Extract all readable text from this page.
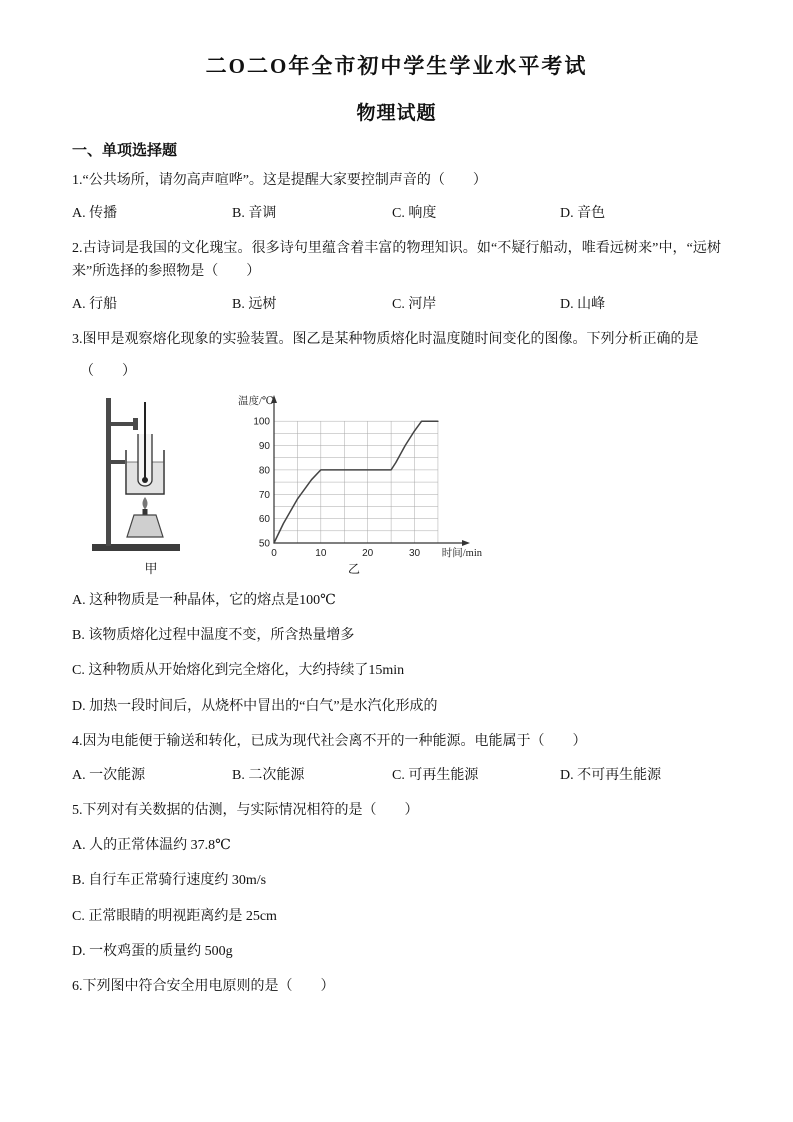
二O二O年全市初中学生学业水平考试
物理试题
一、单项选择题

1.“公共场所，请勿高声喧哗”。这是提醒大家要控制声音的（　　）

A. 传播	B. 音调	C. 响度	D. 音色

2.古诗词是我国的文化瑰宝。很多诗句里蕴含着丰富的物理知识。如“不疑行船动，唯看远树来”中，“远树来”所选择的参照物是（　　）

A. 行船	B. 远树	C. 河岸	D. 山峰

3.图甲是观察熔化现象的实验装置。图乙是某种物质熔化时温度随时间变化的图像。下列分析正确的是

（　　）

甲
50
60
70
80
90
100
0	10	20	30
温度/℃
时间/min
乙

A. 这种物质是一种晶体，它的熔点是100℃

B. 该物质熔化过程中温度不变，所含热量增多

C. 这种物质从开始熔化到完全熔化，大约持续了15min

D. 加热一段时间后，从烧杯中冒出的“白气”是水汽化形成的

4.因为电能便于输送和转化，已成为现代社会离不开的一种能源。电能属于（　　）

A. 一次能源	B. 二次能源	C. 可再生能源	D. 不可再生能源

5.下列对有关数据的估测，与实际情况相符的是（　　）

A. 人的正常体温约 37.8℃

B. 自行车正常骑行速度约 30m/s

C. 正常眼睛的明视距离约是 25cm

D. 一枚鸡蛋的质量约 500g

6.下列图中符合安全用电原则的是（　　）
